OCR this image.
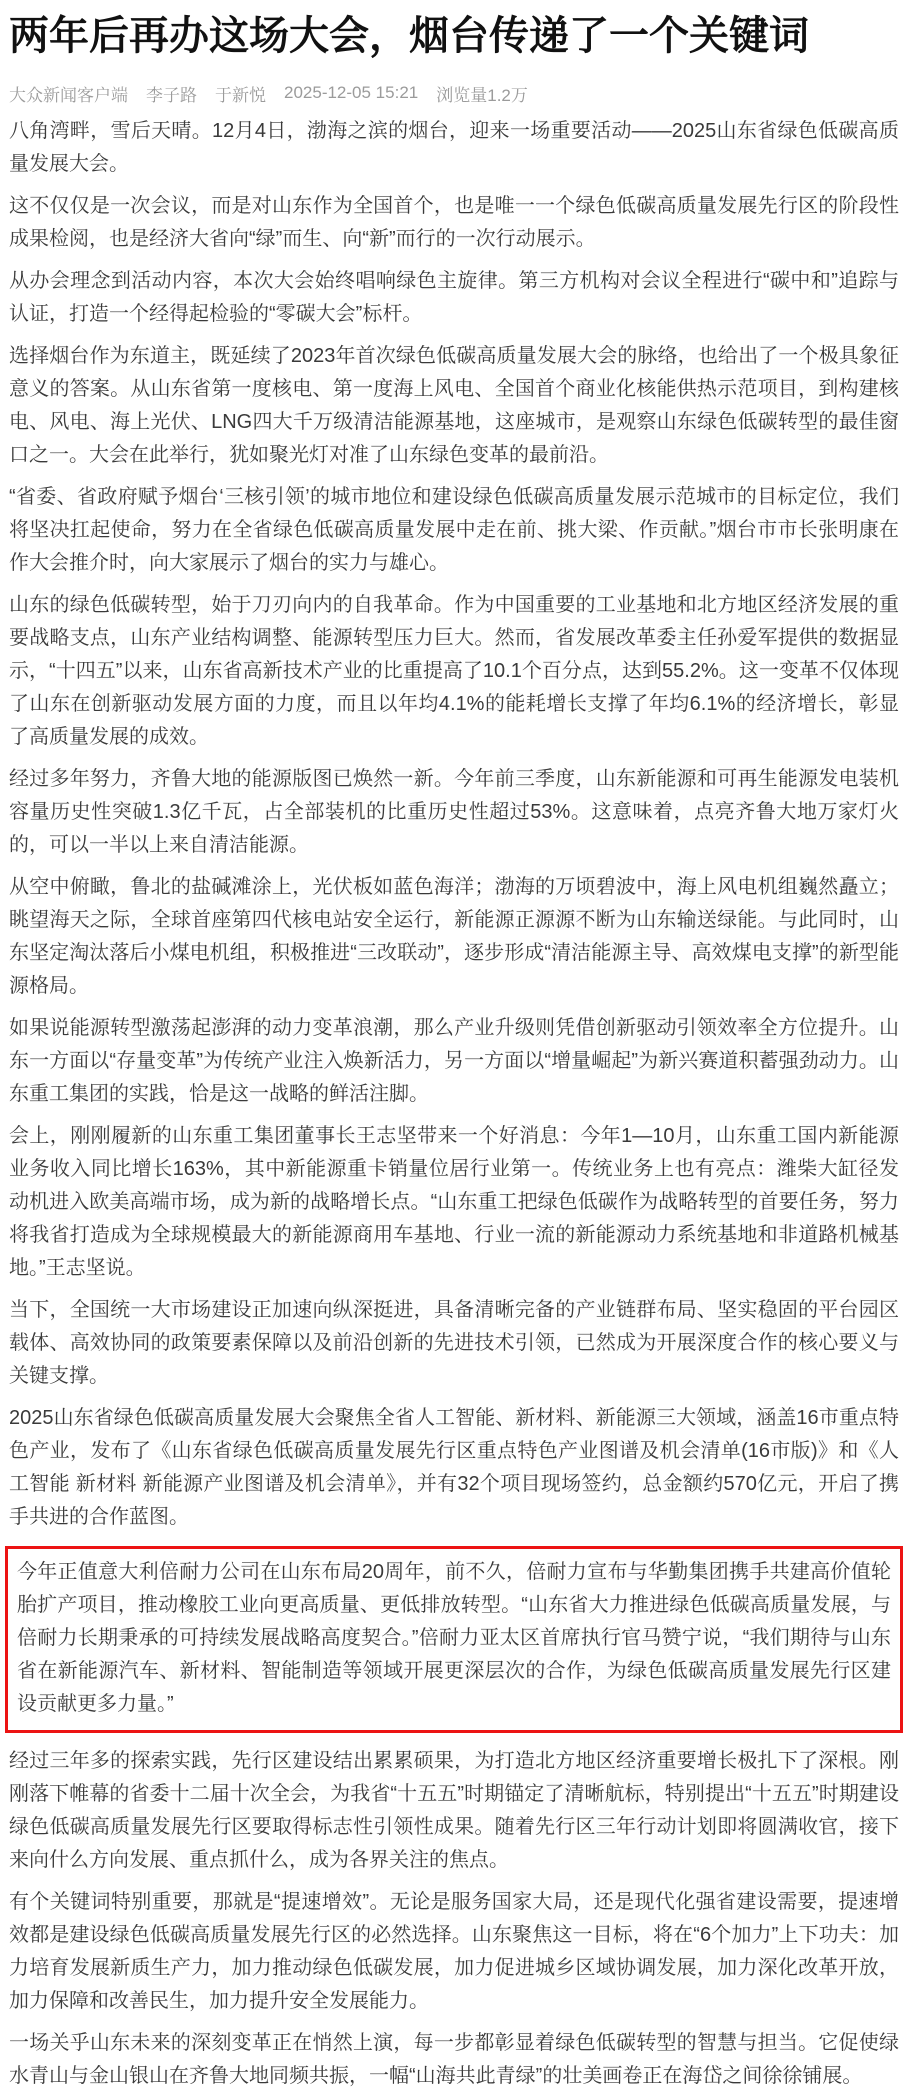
两年后再办这场大会，烟台传递了一个关键词
大众新闻客户端 李子路 于新悦 2025-12-05 15:21 浏览量1.2万

八角湾畔，雪后天晴。12月4日，渤海之滨的烟台，迎来一场重要活动——2025山东省绿色低碳高质量发展大会。

这不仅仅是一次会议，而是对山东作为全国首个，也是唯一一个绿色低碳高质量发展先行区的阶段性成果检阅，也是经济大省向“绿”而生、向“新”而行的一次行动展示。

从办会理念到活动内容，本次大会始终唱响绿色主旋律。第三方机构对会议全程进行“碳中和”追踪与认证，打造一个经得起检验的“零碳大会”标杆。

选择烟台作为东道主，既延续了2023年首次绿色低碳高质量发展大会的脉络，也给出了一个极具象征意义的答案。从山东省第一度核电、第一度海上风电、全国首个商业化核能供热示范项目，到构建核电、风电、海上光伏、LNG四大千万级清洁能源基地，这座城市，是观察山东绿色低碳转型的最佳窗口之一。大会在此举行，犹如聚光灯对准了山东绿色变革的最前沿。

“省委、省政府赋予烟台‘三核引领’的城市地位和建设绿色低碳高质量发展示范城市的目标定位，我们将坚决扛起使命，努力在全省绿色低碳高质量发展中走在前、挑大梁、作贡献。”烟台市市长张明康在作大会推介时，向大家展示了烟台的实力与雄心。

山东的绿色低碳转型，始于刀刃向内的自我革命。作为中国重要的工业基地和北方地区经济发展的重要战略支点，山东产业结构调整、能源转型压力巨大。然而，省发展改革委主任孙爱军提供的数据显示，“十四五”以来，山东省高新技术产业的比重提高了10.1个百分点，达到55.2%。这一变革不仅体现了山东在创新驱动发展方面的力度，而且以年均4.1%的能耗增长支撑了年均6.1%的经济增长，彰显了高质量发展的成效。

经过多年努力，齐鲁大地的能源版图已焕然一新。今年前三季度，山东新能源和可再生能源发电装机容量历史性突破1.3亿千瓦，占全部装机的比重历史性超过53%。这意味着，点亮齐鲁大地万家灯火的，可以一半以上来自清洁能源。

从空中俯瞰，鲁北的盐碱滩涂上，光伏板如蓝色海洋；渤海的万顷碧波中，海上风电机组巍然矗立；眺望海天之际，全球首座第四代核电站安全运行，新能源正源源不断为山东输送绿能。与此同时，山东坚定淘汰落后小煤电机组，积极推进“三改联动”，逐步形成“清洁能源主导、高效煤电支撑”的新型能源格局。

如果说能源转型激荡起澎湃的动力变革浪潮，那么产业升级则凭借创新驱动引领效率全方位提升。山东一方面以“存量变革”为传统产业注入焕新活力，另一方面以“增量崛起”为新兴赛道积蓄强劲动力。山东重工集团的实践，恰是这一战略的鲜活注脚。

会上，刚刚履新的山东重工集团董事长王志坚带来一个好消息：今年1—10月，山东重工国内新能源业务收入同比增长163%，其中新能源重卡销量位居行业第一。传统业务上也有亮点：潍柴大缸径发动机进入欧美高端市场，成为新的战略增长点。“山东重工把绿色低碳作为战略转型的首要任务，努力将我省打造成为全球规模最大的新能源商用车基地、行业一流的新能源动力系统基地和非道路机械基地。”王志坚说。

当下，全国统一大市场建设正加速向纵深挺进，具备清晰完备的产业链群布局、坚实稳固的平台园区载体、高效协同的政策要素保障以及前沿创新的先进技术引领，已然成为开展深度合作的核心要义与关键支撑。

2025山东省绿色低碳高质量发展大会聚焦全省人工智能、新材料、新能源三大领域，涵盖16市重点特色产业，发布了《山东省绿色低碳高质量发展先行区重点特色产业图谱及机会清单(16市版)》和《人工智能 新材料 新能源产业图谱及机会清单》，并有32个项目现场签约，总金额约570亿元，开启了携手共进的合作蓝图。

今年正值意大利倍耐力公司在山东布局20周年，前不久，倍耐力宣布与华勤集团携手共建高价值轮胎扩产项目，推动橡胶工业向更高质量、更低排放转型。“山东省大力推进绿色低碳高质量发展，与倍耐力长期秉承的可持续发展战略高度契合。”倍耐力亚太区首席执行官马赞宁说，“我们期待与山东省在新能源汽车、新材料、智能制造等领域开展更深层次的合作，为绿色低碳高质量发展先行区建设贡献更多力量。”

经过三年多的探索实践，先行区建设结出累累硕果，为打造北方地区经济重要增长极扎下了深根。刚刚落下帷幕的省委十二届十次全会，为我省“十五五”时期锚定了清晰航标，特别提出“十五五”时期建设绿色低碳高质量发展先行区要取得标志性引领性成果。随着先行区三年行动计划即将圆满收官，接下来向什么方向发展、重点抓什么，成为各界关注的焦点。

有个关键词特别重要，那就是“提速增效”。无论是服务国家大局，还是现代化强省建设需要，提速增效都是建设绿色低碳高质量发展先行区的必然选择。山东聚焦这一目标，将在“6个加力”上下功夫：加力培育发展新质生产力，加力推动绿色低碳发展，加力促进城乡区域协调发展，加力深化改革开放，加力保障和改善民生，加力提升安全发展能力。

一场关乎山东未来的深刻变革正在悄然上演，每一步都彰显着绿色低碳转型的智慧与担当。它促使绿水青山与金山银山在齐鲁大地同频共振，一幅“山海共此青绿”的壮美画卷正在海岱之间徐徐铺展。
